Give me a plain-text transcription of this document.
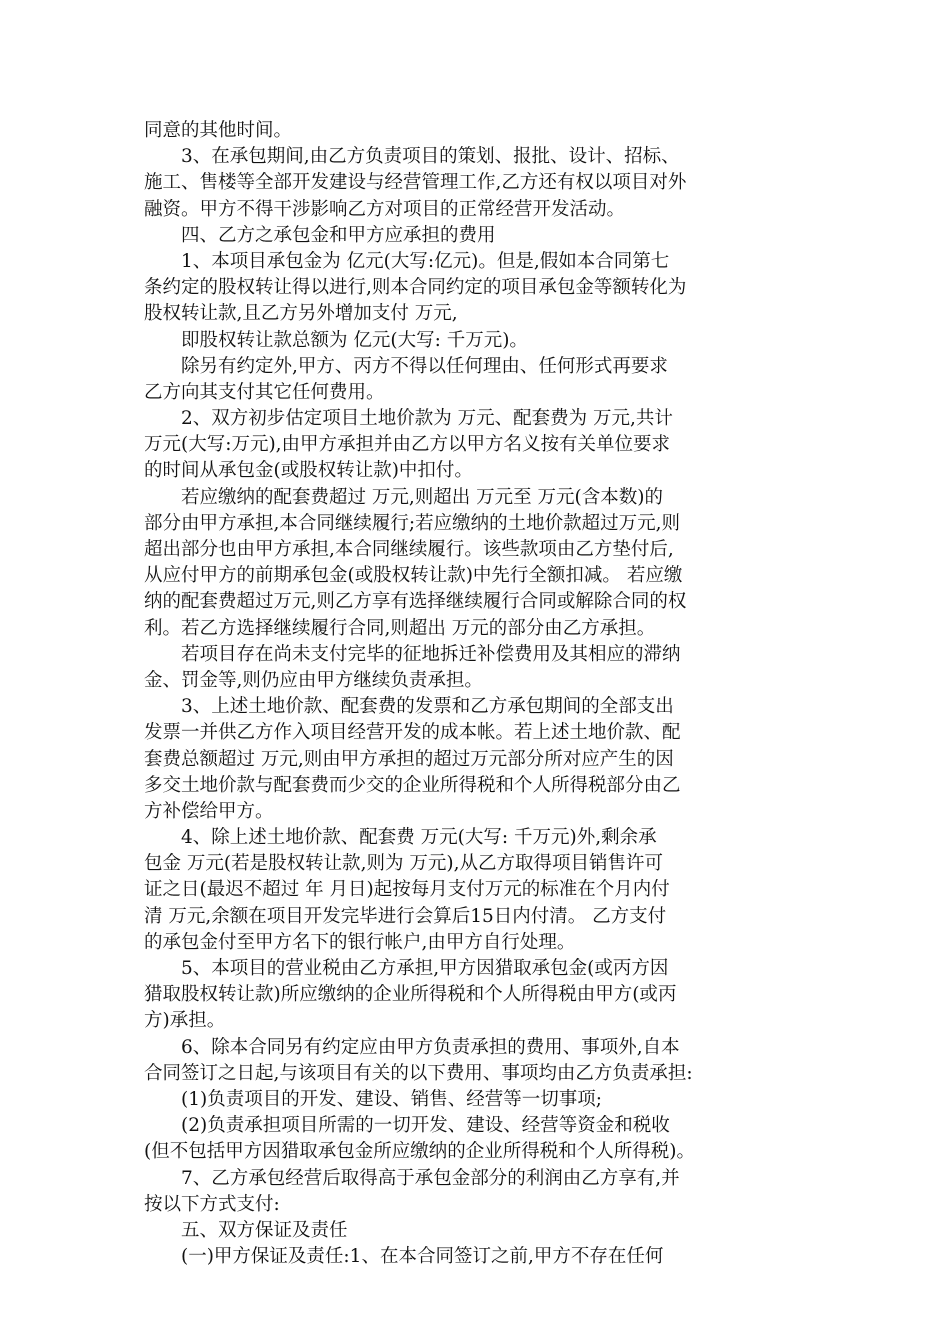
同意的其他时间。
　　3、在承包期间,由乙方负责项目的策划、报批、设计、招标、
施工、售楼等全部开发建设与经营管理工作,乙方还有权以项目对外
融资。甲方不得干涉影响乙方对项目的正常经营开发活动。
　　四、乙方之承包金和甲方应承担的费用
　　1、本项目承包金为 亿元(大写:亿元)。但是,假如本合同第七
条约定的股权转让得以进行,则本合同约定的项目承包金等额转化为
股权转让款,且乙方另外增加支付 万元,
　　即股权转让款总额为 亿元(大写: 千万元)。
　　除另有约定外,甲方、丙方不得以任何理由、任何形式再要求
乙方向其支付其它任何费用。
　　2、双方初步估定项目土地价款为 万元、配套费为 万元,共计
万元(大写:万元),由甲方承担并由乙方以甲方名义按有关单位要求
的时间从承包金(或股权转让款)中扣付。
　　若应缴纳的配套费超过 万元,则超出 万元至 万元(含本数)的
部分由甲方承担,本合同继续履行;若应缴纳的土地价款超过万元,则
超出部分也由甲方承担,本合同继续履行。该些款项由乙方垫付后,
从应付甲方的前期承包金(或股权转让款)中先行全额扣减。 若应缴
纳的配套费超过万元,则乙方享有选择继续履行合同或解除合同的权
利。若乙方选择继续履行合同,则超出 万元的部分由乙方承担。
　　若项目存在尚未支付完毕的征地拆迁补偿费用及其相应的滞纳
金、罚金等,则仍应由甲方继续负责承担。
　　3、上述土地价款、配套费的发票和乙方承包期间的全部支出
发票一并供乙方作入项目经营开发的成本帐。若上述土地价款、配
套费总额超过 万元,则由甲方承担的超过万元部分所对应产生的因
多交土地价款与配套费而少交的企业所得税和个人所得税部分由乙
方补偿给甲方。
　　4、除上述土地价款、配套费 万元(大写: 千万元)外,剩余承
包金 万元(若是股权转让款,则为 万元),从乙方取得项目销售许可
证之日(最迟不超过 年 月日)起按每月支付万元的标准在个月内付
清 万元,余额在项目开发完毕进行会算后15日内付清。 乙方支付
的承包金付至甲方名下的银行帐户,由甲方自行处理。
　　5、本项目的营业税由乙方承担,甲方因猎取承包金(或丙方因
猎取股权转让款)所应缴纳的企业所得税和个人所得税由甲方(或丙
方)承担。
　　6、除本合同另有约定应由甲方负责承担的费用、事项外,自本
合同签订之日起,与该项目有关的以下费用、事项均由乙方负责承担:
　　(1)负责项目的开发、建设、销售、经营等一切事项;
　　(2)负责承担项目所需的一切开发、建设、经营等资金和税收
(但不包括甲方因猎取承包金所应缴纳的企业所得税和个人所得税)。
　　7、乙方承包经营后取得高于承包金部分的利润由乙方享有,并
按以下方式支付:
　　五、双方保证及责任
　　(一)甲方保证及责任:1、在本合同签订之前,甲方不存在任何
